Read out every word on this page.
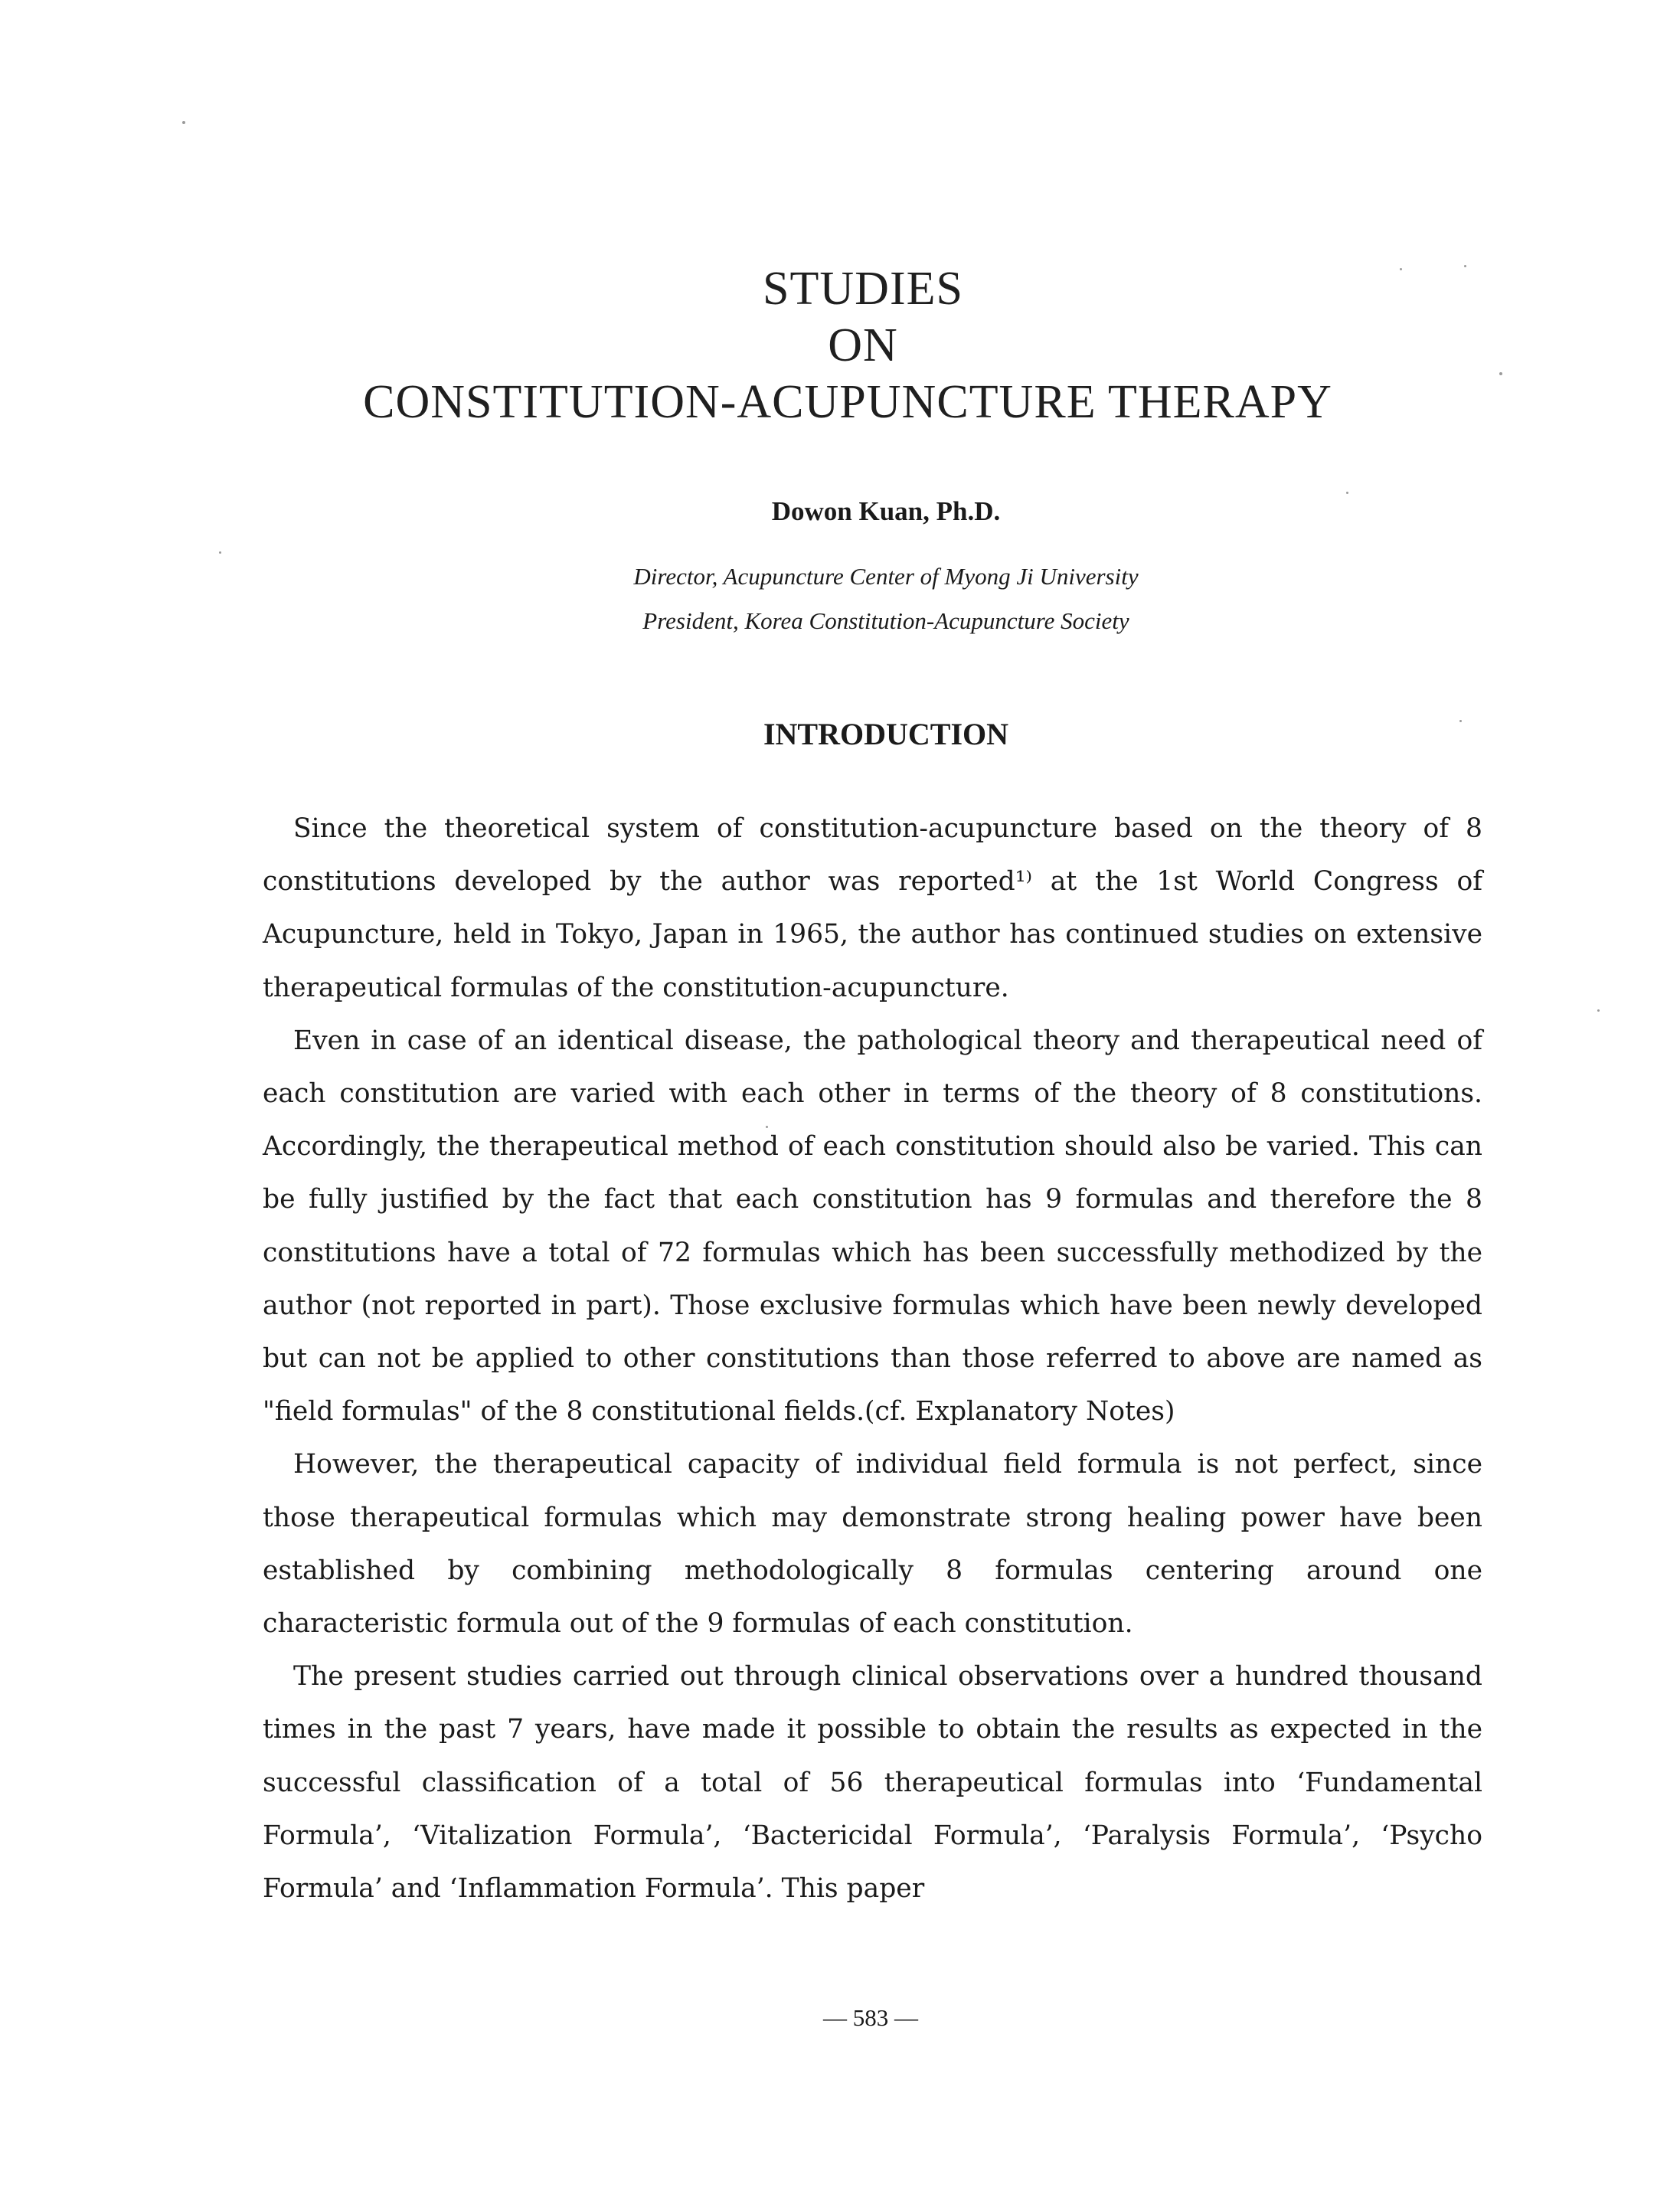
STUDIES
ON
CONSTITUTION-ACUPUNCTURE THERAPY
Dowon Kuan, Ph.D.
Director, Acupuncture Center of Myong Ji University
President, Korea Constitution-Acupuncture Society
INTRODUCTION

Since the theoretical system of constitution-acupuncture based on the theory of 8 constitutions developed by the author was reported¹⁾ at the 1st World Congress of Acupuncture, held in Tokyo, Japan in 1965, the author has continued studies on extensive therapeutical formulas of the constitution-acupuncture.

Even in case of an identical disease, the pathological theory and therapeutical need of each constitution are varied with each other in terms of the theory of 8 constitutions. Accordingly, the therapeutical method of each constitution should also be varied. This can be fully justified by the fact that each constitution has 9 formulas and therefore the 8 constitutions have a total of 72 formulas which has been successfully methodized by the author (not reported in part). Those exclusive formulas which have been newly developed but can not be applied to other constitutions than those referred to above are named as "field formulas" of the 8 constitutional fields.(cf. Explanatory Notes)

However, the therapeutical capacity of individual field formula is not perfect, since those therapeutical formulas which may demonstrate strong healing power have been established by combining methodologically 8 formulas centering around one characteristic formula out of the 9 formulas of each constitution.

The present studies carried out through clinical observations over a hundred thousand times in the past 7 years, have made it possible to obtain the results as expected in the successful classification of a total of 56 therapeutical formulas into ‘Fundamental Formula’, ‘Vitalization Formula’, ‘Bactericidal Formula’, ‘Paralysis Formula’, ‘Psycho Formula’ and ‘Inflammation Formula’. This paper

— 583 —
